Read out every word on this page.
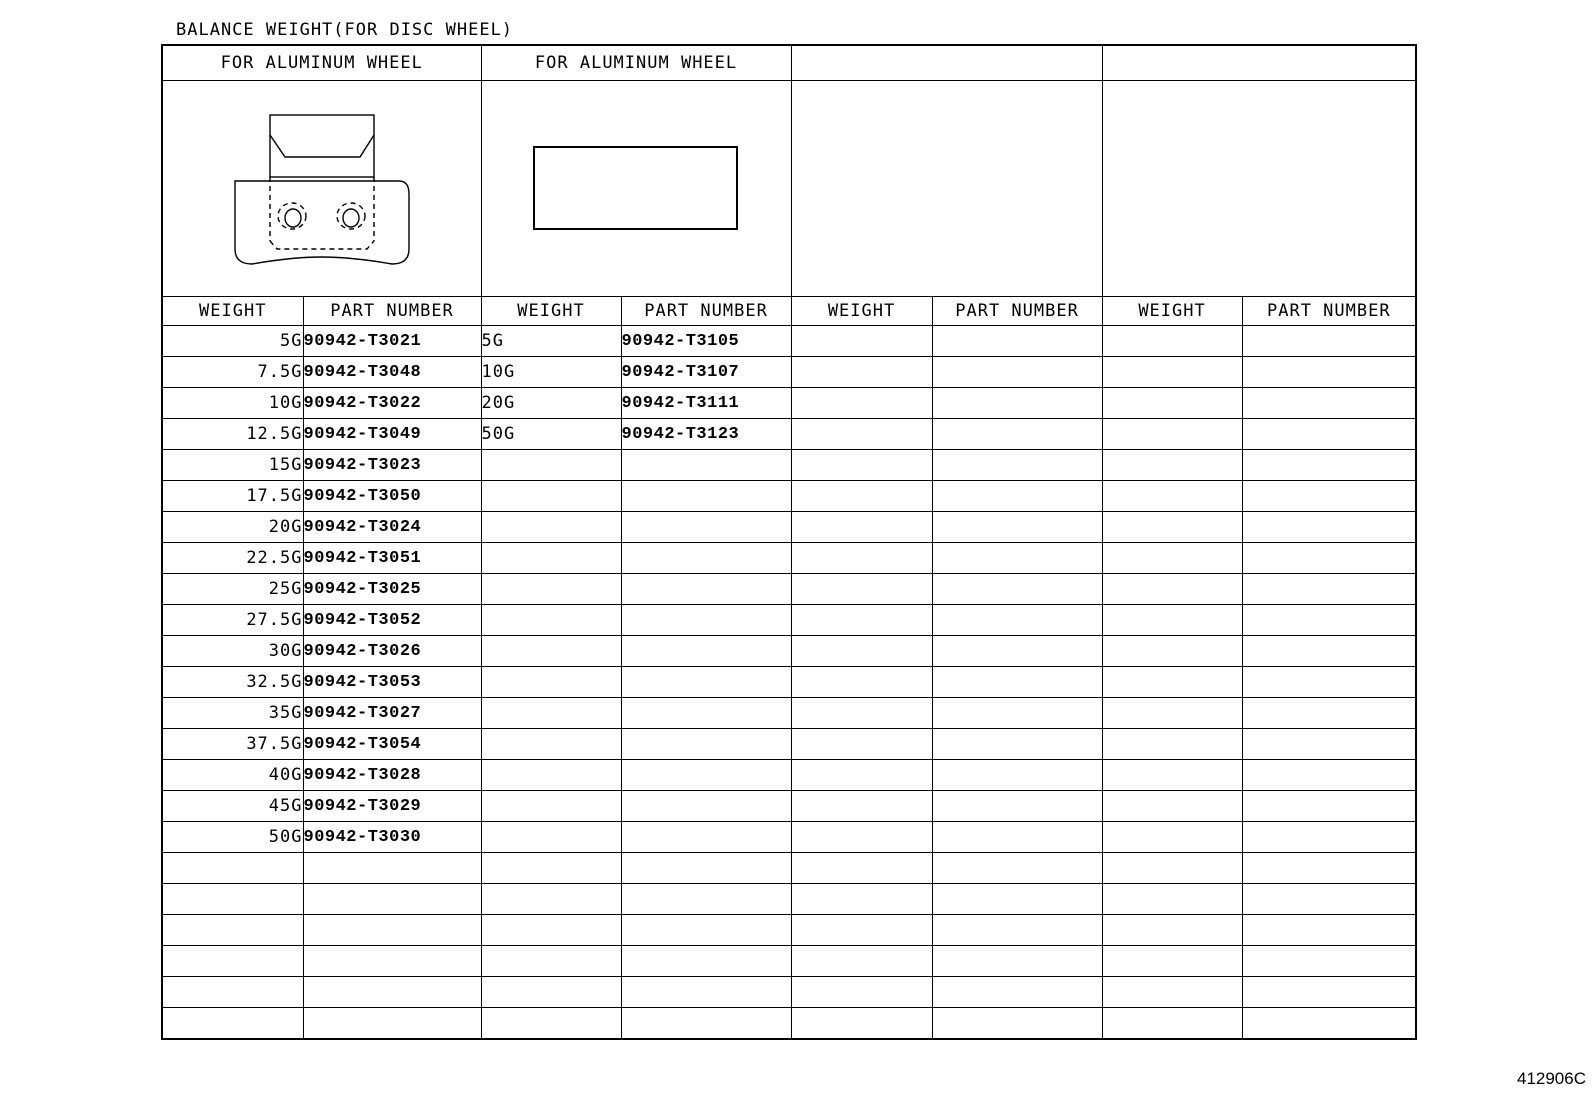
BALANCE WEIGHT(FOR DISC WHEEL)
FOR ALUMINUM WHEEL		FOR ALUMINUM WHEEL					

WEIGHT	PART NUMBER	WEIGHT	PART NUMBER	WEIGHT	PART NUMBER	WEIGHT	PART NUMBER
5G	90942-T3021	5G	90942-T3105				
7.5G	90942-T3048	10G	90942-T3107				
10G	90942-T3022	20G	90942-T3111				
12.5G	90942-T3049	50G	90942-T3123				
15G	90942-T3023						
17.5G	90942-T3050						
20G	90942-T3024						
22.5G	90942-T3051						
25G	90942-T3025						
27.5G	90942-T3052						
30G	90942-T3026						
32.5G	90942-T3053						
35G	90942-T3027						
37.5G	90942-T3054						
40G	90942-T3028						
45G	90942-T3029						
50G	90942-T3030						

412906C
